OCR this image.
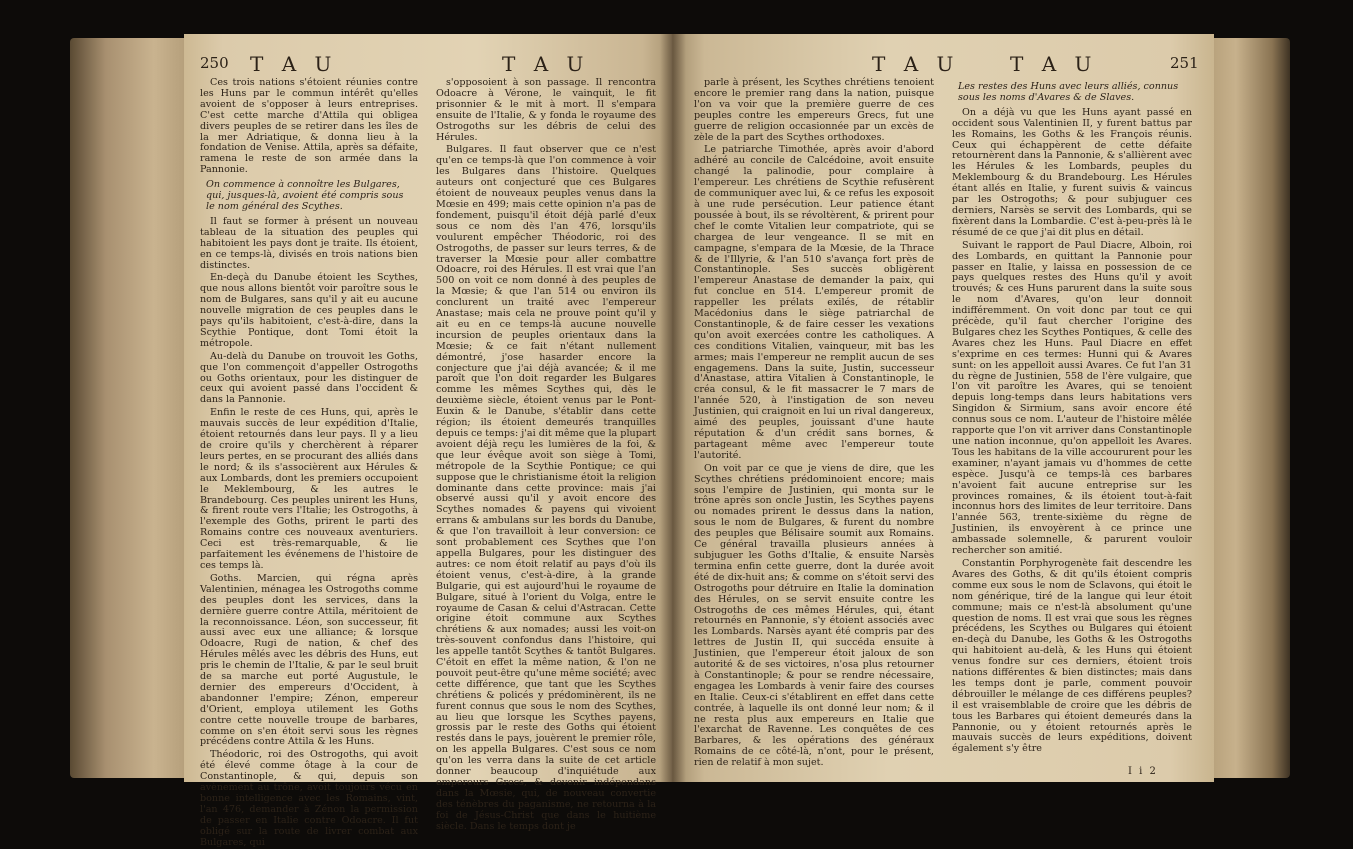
250 T A U	T A U

Ces trois nations s'étoient réunies contre les Huns par le commun intérêt qu'elles avoient de s'opposer à leurs entreprises. C'est cette marche d'Attila qui obligea divers peuples de se retirer dans les îles de la mer Adriatique, & donna lieu à la fondation de Venise. Attila, après sa défaite, ramena le reste de son armée dans la Pannonie.

On commence à connoître les Bulgares, qui, jusques-là, avoient été compris sous le nom général des Scythes.

Il faut se former à présent un nouveau tableau de la situation des peuples qui habitoient les pays dont je traite. Ils étoient, en ce temps-là, divisés en trois nations bien distinctes.

En-deçà du Danube étoient les Scythes, que nous allons bientôt voir paroître sous le nom de Bulgares, sans qu'il y ait eu aucune nouvelle migration de ces peuples dans le pays qu'ils habitoient, c'est-à-dire, dans la Scythie Pontique, dont Tomi étoit la métropole.

Au-delà du Danube on trouvoit les Goths, que l'on commençoit d'appeller Ostrogoths ou Goths orientaux, pour les distinguer de ceux qui avoient passé dans l'occident & dans la Pannonie.

Enfin le reste de ces Huns, qui, après le mauvais succès de leur expédition d'Italie, étoient retournés dans leur pays. Il y a lieu de croire qu'ils y cherchèrent à réparer leurs pertes, en se procurant des alliés dans le nord; & ils s'associèrent aux Hérules & aux Lombards, dont les premiers occupoient le Meklembourg, & les autres le Brandebourg. Ces peuples unirent les Huns, & firent route vers l'Italie; les Ostrogoths, à l'exemple des Goths, prirent le parti des Romains contre ces nouveaux aventuriers. Ceci est très-remarquable, & lie parfaitement les événemens de l'histoire de ces temps là.

Goths. Marcien, qui régna après Valentinien, ménagea les Ostrogoths comme des peuples dont les services, dans la dernière guerre contre Attila, méritoient de la reconnoissance. Léon, son successeur, fit aussi avec eux une alliance; & lorsque Odoacre, Rugi de nation, & chef des Hérules mêlés avec les débris des Huns, eut pris le chemin de l'Italie, & par le seul bruit de sa marche eut porté Augustule, le dernier des empereurs d'Occident, à abandonner l'empire; Zénon, empereur d'Orient, employa utilement les Goths contre cette nouvelle troupe de barbares, comme on s'en étoit servi sous les règnes précédens contre Attila & les Huns.

Théodoric, roi des Ostrogoths, qui avoit été élevé comme ôtage à la cour de Constantinople, & qui, depuis son avènement au trône, avoit toujours vécu en bonne intelligence avec les Romains, vint, l'an 476, demander à Zénon la permission de passer en Italie contre Odoacre. Il fut obligé sur la route de livrer combat aux Bulgares, qui

s'opposoient à son passage. Il rencontra Odoacre à Vérone, le vainquit, le fit prisonnier & le mit à mort. Il s'empara ensuite de l'Italie, & y fonda le royaume des Ostrogoths sur les débris de celui des Hérules.

Bulgares. Il faut observer que ce n'est qu'en ce temps-là que l'on commence à voir les Bulgares dans l'histoire. Quelques auteurs ont conjecturé que ces Bulgares étoient de nouveaux peuples venus dans la Mœsie en 499; mais cette opinion n'a pas de fondement, puisqu'il étoit déjà parlé d'eux sous ce nom dès l'an 476, lorsqu'ils voulurent empêcher Théodoric, roi des Ostrogoths, de passer sur leurs terres, & de traverser la Mœsie pour aller combattre Odoacre, roi des Hérules. Il est vrai que l'an 500 on voit ce nom donné à des peuples de la Mœsie; & que l'an 514 ou environ ils conclurent un traité avec l'empereur Anastase; mais cela ne prouve point qu'il y ait eu en ce temps-là aucune nouvelle incursion de peuples orientaux dans la Mœsie; & ce fait n'étant nullement démontré, j'ose hasarder encore la conjecture que j'ai déjà avancée; & il me paroît que l'on doit regarder les Bulgares comme les mêmes Scythes qui, dès le deuxième siècle, étoient venus par le Pont-Euxin & le Danube, s'établir dans cette région; ils étoient demeurés tranquilles depuis ce temps: j'ai dit même que la plupart avoient déjà reçu les lumières de la foi, & que leur évêque avoit son siège à Tomi, métropole de la Scythie Pontique; ce qui suppose que le christianisme étoit la religion dominante dans cette province: mais j'ai observé aussi qu'il y avoit encore des Scythes nomades & payens qui vivoient errans & ambulans sur les bords du Danube, & que l'on travailloit à leur conversion: ce sont probablement ces Scythes que l'on appella Bulgares, pour les distinguer des autres: ce nom étoit relatif au pays d'où ils étoient venus, c'est-à-dire, à la grande Bulgarie, qui est aujourd'hui le royaume de Bulgare, situé à l'orient du Volga, entre le royaume de Casan & celui d'Astracan. Cette origine étoit commune aux Scythes chrétiens & aux nomades; aussi les voit-on très-souvent confondus dans l'histoire, qui les appelle tantôt Scythes & tantôt Bulgares. C'étoit en effet la même nation, & l'on ne pouvoit peut-être qu'une même société; avec cette différence, que tant que les Scythes chrétiens & policés y prédominèrent, ils ne furent connus que sous le nom des Scythes, au lieu que lorsque les Scythes payens, grossis par le reste des Goths qui étoient restés dans le pays, jouèrent le premier rôle, on les appella Bulgares. C'est sous ce nom qu'on les verra dans la suite de cet article donner beaucoup d'inquiétude aux empereurs Grecs, & devenir indépendans dans la Mœsie, qui, de nouveau convertie des ténèbres du paganisme, ne retourna à la foi de Jésus-Christ que dans le huitième siècle. Dans le temps dont je

T A U	T A U	251

parle à présent, les Scythes chrétiens tenoient encore le premier rang dans la nation, puisque l'on va voir que la première guerre de ces peuples contre les empereurs Grecs, fut une guerre de religion occasionnée par un excès de zèle de la part des Scythes orthodoxes.

Le patriarche Timothée, après avoir d'abord adhéré au concile de Calcédoine, avoit ensuite changé la palinodie, pour complaire à l'empereur. Les chrétiens de Scythie refusèrent de communiquer avec lui, & ce refus les exposoit à une rude persécution. Leur patience étant poussée à bout, ils se révoltèrent, & prirent pour chef le comte Vitalien leur compatriote, qui se chargea de leur vengeance. Il se mit en campagne, s'empara de la Mœsie, de la Thrace & de l'Illyrie, & l'an 510 s'avança fort près de Constantinople. Ses succès obligèrent l'empereur Anastase de demander la paix, qui fut conclue en 514. L'empereur promit de rappeller les prélats exilés, de rétablir Macédonius dans le siège patriarchal de Constantinople, & de faire cesser les vexations qu'on avoit exercées contre les catholiques. A ces conditions Vitalien, vainqueur, mit bas les armes; mais l'empereur ne remplit aucun de ses engagemens. Dans la suite, Justin, successeur d'Anastase, attira Vitalien à Constantinople, le créa consul, & le fit massacrer le 7 mars de l'année 520, à l'instigation de son neveu Justinien, qui craignoit en lui un rival dangereux, aimé des peuples, jouissant d'une haute réputation & d'un crédit sans bornes, & partageant même avec l'empereur toute l'autorité.

On voit par ce que je viens de dire, que les Scythes chrétiens prédominoient encore; mais sous l'empire de Justinien, qui monta sur le trône après son oncle Justin, les Scythes payens ou nomades prirent le dessus dans la nation, sous le nom de Bulgares, & furent du nombre des peuples que Bélisaire soumit aux Romains. Ce général travailla plusieurs années à subjuguer les Goths d'Italie, & ensuite Narsès termina enfin cette guerre, dont la durée avoit été de dix-huit ans; & comme on s'étoit servi des Ostrogoths pour détruire en Italie la domination des Hérules, on se servit ensuite contre les Ostrogoths de ces mêmes Hérules, qui, étant retournés en Pannonie, s'y étoient associés avec les Lombards. Narsès ayant été compris par des lettres de Justin II, qui succéda ensuite à Justinien, que l'empereur étoit jaloux de son autorité & de ses victoires, n'osa plus retourner à Constantinople; & pour se rendre nécessaire, engagea les Lombards à venir faire des courses en Italie. Ceux-ci s'établirent en effet dans cette contrée, à laquelle ils ont donné leur nom; & il ne resta plus aux empereurs en Italie que l'exarchat de Ravenne. Les conquêtes de ces Barbares, & les opérations des généraux Romains de ce côté-là, n'ont, pour le présent, rien de relatif à mon sujet.

Les restes des Huns avec leurs alliés, connus sous les noms d'Avares & de Slaves.

On a déjà vu que les Huns ayant passé en occident sous Valentinien II, y furent battus par les Romains, les Goths & les François réunis. Ceux qui échappèrent de cette défaite retournèrent dans la Pannonie, & s'allièrent avec les Hérules & les Lombards, peuples du Meklembourg & du Brandebourg. Les Hérules étant allés en Italie, y furent suivis & vaincus par les Ostrogoths; & pour subjuguer ces derniers, Narsès se servit des Lombards, qui se fixèrent dans la Lombardie. C'est à-peu-près là le résumé de ce que j'ai dit plus en détail.

Suivant le rapport de Paul Diacre, Alboin, roi des Lombards, en quittant la Pannonie pour passer en Italie, y laissa en possession de ce pays quelques restes des Huns qu'il y avoit trouvés; & ces Huns parurent dans la suite sous le nom d'Avares, qu'on leur donnoit indifféremment. On voit donc par tout ce qui précède, qu'il faut chercher l'origine des Bulgares chez les Scythes Pontiques, & celle des Avares chez les Huns. Paul Diacre en effet s'exprime en ces termes: Hunni qui & Avares sunt: on les appelloit aussi Avares. Ce fut l'an 31 du règne de Justinien, 558 de l'ère vulgaire, que l'on vit paroître les Avares, qui se tenoient depuis long-temps dans leurs habitations vers Singidon & Sirmium, sans avoir encore été connus sous ce nom. L'auteur de l'histoire mêlée rapporte que l'on vit arriver dans Constantinople une nation inconnue, qu'on appelloit les Avares. Tous les habitans de la ville accoururent pour les examiner, n'ayant jamais vu d'hommes de cette espèce. Jusqu'à ce temps-là ces barbares n'avoient fait aucune entreprise sur les provinces romaines, & ils étoient tout-à-fait inconnus hors des limites de leur territoire. Dans l'année 563, trente-sixième du règne de Justinien, ils envoyèrent à ce prince une ambassade solemnelle, & parurent vouloir rechercher son amitié.

Constantin Porphyrogenète fait descendre les Avares des Goths, & dit qu'ils étoient compris comme eux sous le nom de Sclavons, qui étoit le nom générique, tiré de la langue qui leur étoit commune; mais ce n'est-là absolument qu'une question de noms. Il est vrai que sous les règnes précédens, les Scythes ou Bulgares qui étoient en-deçà du Danube, les Goths & les Ostrogoths qui habitoient au-delà, & les Huns qui étoient venus fondre sur ces derniers, étoient trois nations différentes & bien distinctes; mais dans les temps dont je parle, comment pouvoir débrouiller le mélange de ces différens peuples? il est vraisemblable de croire que les débris de tous les Barbares qui étoient demeurés dans la Pannonie, ou y étoient retournés après le mauvais succès de leurs expéditions, doivent également s'y être

I i 2
